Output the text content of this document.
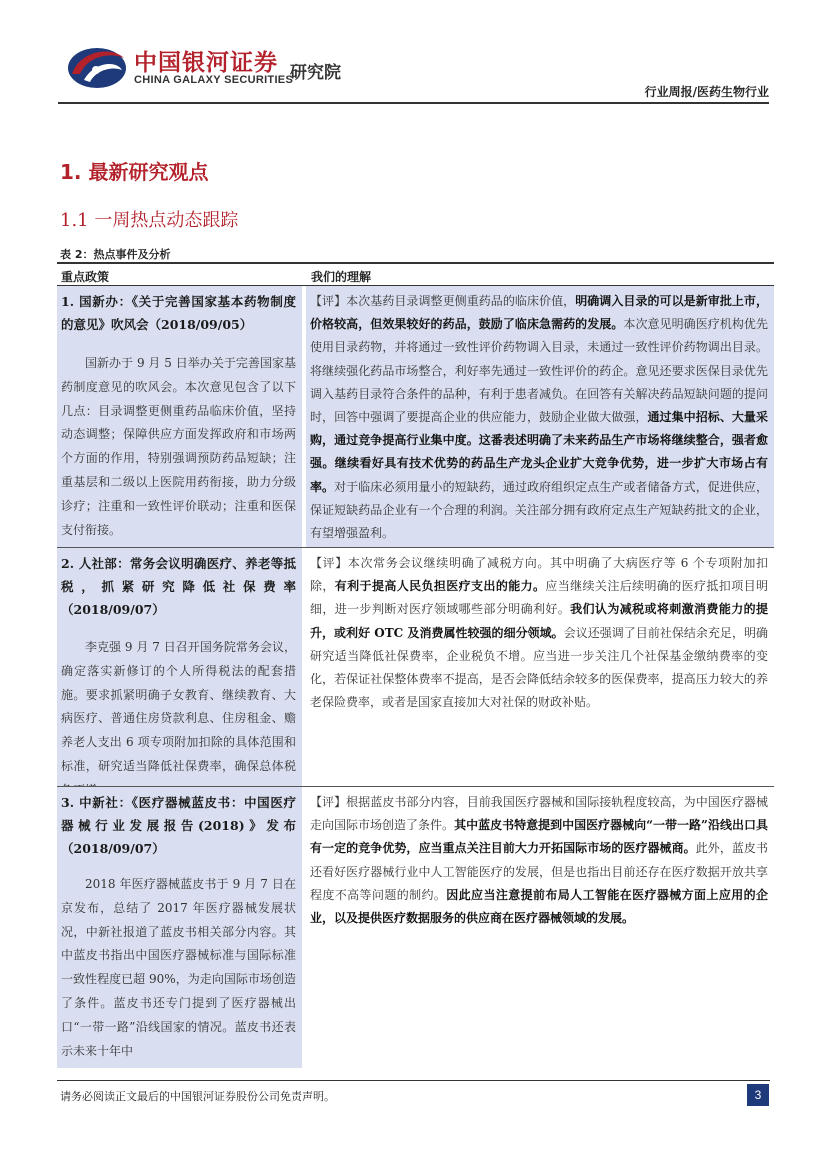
中国银河证券
CHINA GALAXY SECURITIES
研究院
行业周报/医药生物行业
1. 最新研究观点
1.1 一周热点动态跟踪
表 2：热点事件及分析
重点政策	我们的理解
1. 国新办：《关于完善国家基本药物制度的意见》吹风会（2018/09/05）
国新办于 9 月 5 日举办关于完善国家基药制度意见的吹风会。本次意见包含了以下几点：目录调整更侧重药品临床价值，坚持动态调整；保障供应方面发挥政府和市场两个方面的作用，特别强调预防药品短缺；注重基层和二级以上医院用药衔接，助力分级诊疗；注重和一致性评价联动；注重和医保支付衔接。
【评】本次基药目录调整更侧重药品的临床价值，明确调入目录的可以是新审批上市，价格较高，但效果较好的药品，鼓励了临床急需药的发展。本次意见明确医疗机构优先使用目录药物，并将通过一致性评价药物调入目录，未通过一致性评价药物调出目录。将继续强化药品市场整合，利好率先通过一致性评价的药企。意见还要求医保目录优先调入基药目录符合条件的品种，有利于患者减负。在回答有关解决药品短缺问题的提问时，回答中强调了要提高企业的供应能力，鼓励企业做大做强，通过集中招标、大量采购，通过竞争提高行业集中度。这番表述明确了未来药品生产市场将继续整合，强者愈强。继续看好具有技术优势的药品生产龙头企业扩大竞争优势，进一步扩大市场占有率。对于临床必须用量小的短缺药，通过政府组织定点生产或者储备方式，促进供应，保证短缺药品企业有一个合理的利润。关注部分拥有政府定点生产短缺药批文的企业，有望增强盈利。
2. 人社部：常务会议明确医疗、养老等抵税，抓紧研究降低社保费率（2018/09/07）
李克强 9 月 7 日召开国务院常务会议，确定落实新修订的个人所得税法的配套措施。要求抓紧明确子女教育、继续教育、大病医疗、普通住房贷款利息、住房租金、赡养老人支出 6 项专项附加扣除的具体范围和标准，研究适当降低社保费率，确保总体税
【评】本次常务会议继续明确了减税方向。其中明确了大病医疗等 6 个专项附加扣除，有利于提高人民负担医疗支出的能力。应当继续关注后续明确的医疗抵扣项目明细，进一步判断对医疗领域哪些部分明确利好。我们认为减税或将刺激消费能力的提升，或利好 OTC 及消费属性较强的细分领域。会议还强调了目前社保结余充足，明确研究适当降低社保费率，企业税负不增。应当进一步关注几个社保基金缴纳费率的变化，若保证社保整体费率不提高，是否会降低结余较多的医保费率，提高压力较大的养老保险费率，或者是国家直接加大对社保的财政补贴。
3. 中新社：《医疗器械蓝皮书：中国医疗器械行业发展报告(2018)》发布（2018/09/07）
2018 年医疗器械蓝皮书于 9 月 7 日在京发布，总结了 2017 年医疗器械发展状况，中新社报道了蓝皮书相关部分内容。其中蓝皮书指出中国医疗器械标准与国际标准一致性程度已超 90%，为走向国际市场创造了条件。蓝皮书还专门提到了医疗器械出口“一带一路”沿线国家的情况。蓝皮书还表示未来十年中
【评】根据蓝皮书部分内容，目前我国医疗器械和国际接轨程度较高，为中国医疗器械走向国际市场创造了条件。其中蓝皮书特意提到中国医疗器械向“一带一路”沿线出口具有一定的竞争优势，应当重点关注目前大力开拓国际市场的医疗器械商。此外，蓝皮书还看好医疗器械行业中人工智能医疗的发展，但是也指出目前还存在医疗数据开放共享程度不高等问题的制约。因此应当注意提前布局人工智能在医疗器械方面上应用的企业，以及提供医疗数据服务的供应商在医疗器械领域的发展。
请务必阅读正文最后的中国银河证券股份公司免责声明。	3
